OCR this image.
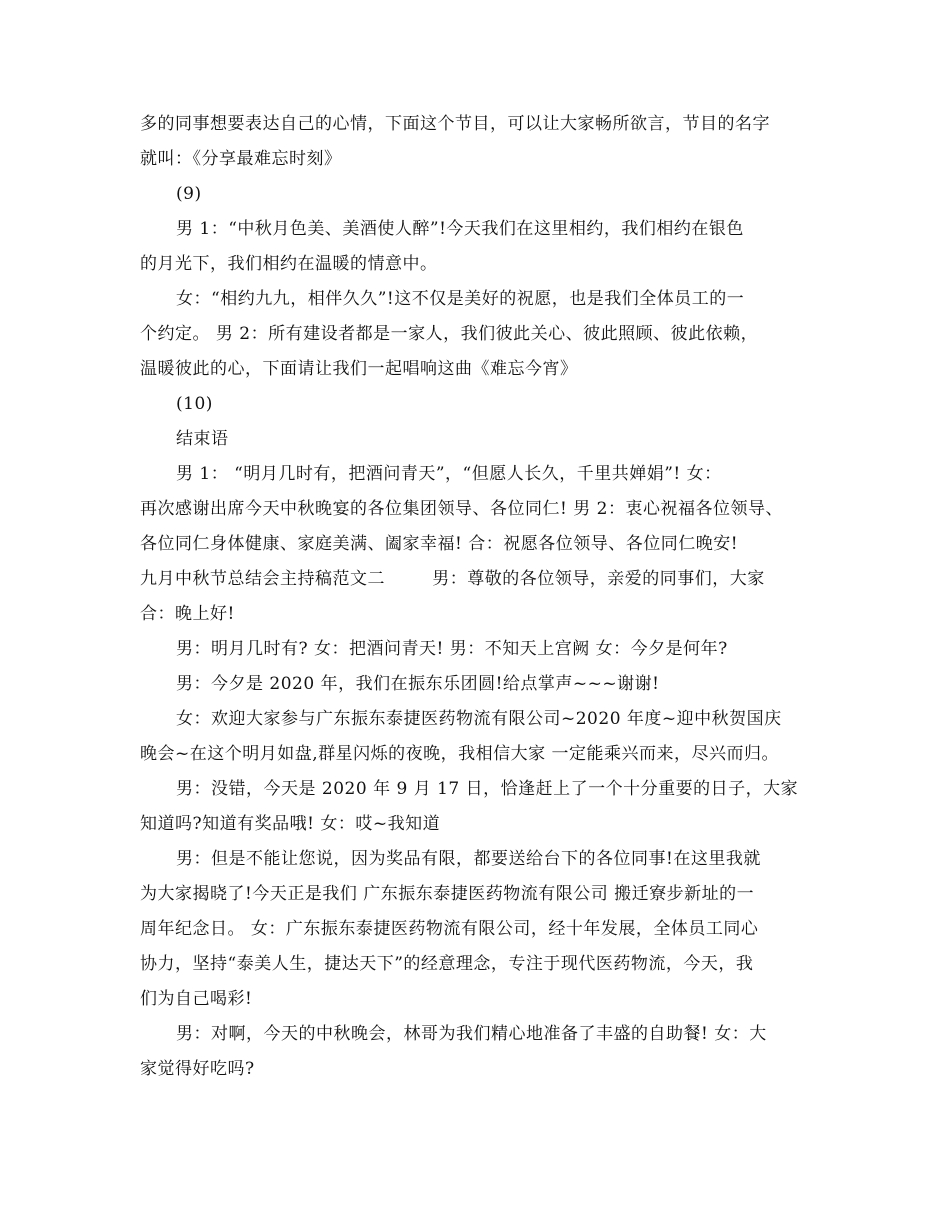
多的同事想要表达自己的心情，下面这个节目，可以让大家畅所欲言，节目的名字
就叫：《分享最难忘时刻》
(9)
男 1：“中秋月色美、美酒使人醉”!今天我们在这里相约，我们相约在银色
的月光下，我们相约在温暖的情意中。
女：“相约九九，相伴久久”!这不仅是美好的祝愿，也是我们全体员工的一
个约定。 男 2：所有建设者都是一家人，我们彼此关心、彼此照顾、彼此依赖，
温暖彼此的心，下面请让我们一起唱响这曲《难忘今宵》
(10)
结束语
男 1： “明月几时有，把酒问青天”，“但愿人长久，千里共婵娟”! 女：
再次感谢出席今天中秋晚宴的各位集团领导、各位同仁! 男 2：衷心祝福各位领导、
各位同仁身体健康、家庭美满、阖家幸福! 合：祝愿各位领导、各位同仁晚安!
九月中秋节总结会主持稿范文二        男：尊敬的各位领导，亲爱的同事们，大家
合：晚上好!
男：明月几时有? 女：把酒问青天! 男：不知天上宫阙 女：今夕是何年?
男：今夕是 2020 年，我们在振东乐团圆!给点掌声~~~谢谢!
女：欢迎大家参与广东振东泰捷医药物流有限公司~2020 年度~迎中秋贺国庆
晚会~在这个明月如盘,群星闪烁的夜晚，我相信大家 一定能乘兴而来，尽兴而归。
男：没错，今天是 2020 年 9 月 17 日，恰逢赶上了一个十分重要的日子，大家
知道吗?知道有奖品哦! 女：哎~我知道
男：但是不能让您说，因为奖品有限，都要送给台下的各位同事!在这里我就
为大家揭晓了!今天正是我们 广东振东泰捷医药物流有限公司 搬迁寮步新址的一
周年纪念日。 女：广东振东泰捷医药物流有限公司，经十年发展，全体员工同心
协力，坚持“泰美人生，捷达天下”的经意理念，专注于现代医药物流，今天，我
们为自己喝彩!
男：对啊，今天的中秋晚会，林哥为我们精心地准备了丰盛的自助餐! 女：大
家觉得好吃吗?
